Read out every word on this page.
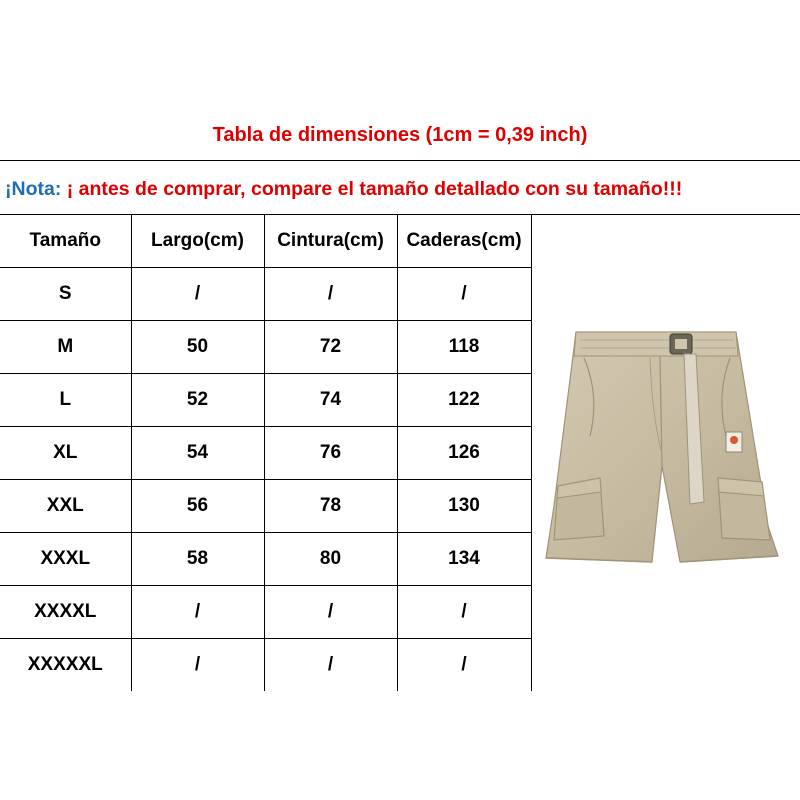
Tabla de dimensiones (1cm = 0,39 inch)
¡Nota: ¡ antes de comprar, compare el tamaño detallado con su tamaño!!!
Tamaño	Largo(cm)	Cintura(cm)	Caderas(cm)
S	/	/	/
M	50	72	118
L	52	74	122
XL	54	76	126
XXL	56	78	130
XXXL	58	80	134
XXXXL	/	/	/
XXXXXL	/	/	/
